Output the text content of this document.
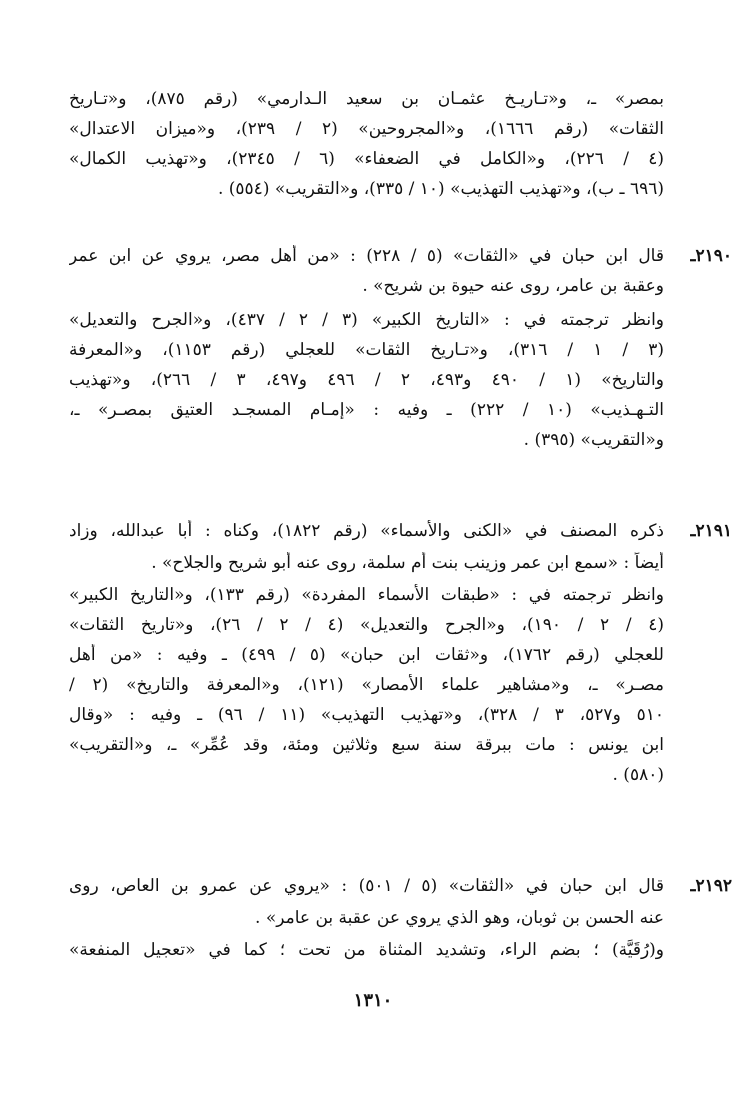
بمصر» ـ، و«تـاريـخ عثمـان بن سعيد الـدارمي» (رقم ٨٧٥)، و«تـاريخ
الثقات» (رقم ١٦٦٦)، و«المجروحين» (٢ / ٢٣٩)، و«ميزان الاعتدال»
(٤ / ٢٢٦)، و«الكامل في الضعفاء» (٦ / ٢٣٤٥)، و«تهذيب الكمال»
(٦٩٦ ـ ب)، و«تهذيب التهذيب» (١٠ / ٣٣٥)، و«التقريب» (٥٥٤) .
٢١٩٠ـ
قال ابن حبان في «الثقات» (٥ / ٢٢٨) : «من أهل مصر، يروي عن ابن عمر
وعقبة بن عامر، روى عنه حيوة بن شريح» .
وانظر ترجمته في : «التاريخ الكبير» (٣ / ٢ / ٤٣٧)، و«الجرح والتعديل»
(٣ / ١ / ٣١٦)، و«تـاريخ الثقات» للعجلي (رقم ١١٥٣)، و«المعرفة
والتاريخ» (١ / ٤٩٠ و٤٩٣، ٢ / ٤٩٦ و٤٩٧، ٣ / ٢٦٦)، و«تهذيب
التـهـذيب» (١٠ / ٢٢٢) ـ وفيه : «إمـام المسجـد العتيق بمصـر» ـ،
و«التقريب» (٣٩٥) .
٢١٩١ـ
ذكره المصنف في «الكنى والأسماء» (رقم ١٨٢٢)، وكناه : أبا عبدالله، وزاد
أيضاً : «سمع ابن عمر وزينب بنت أم سلمة، روى عنه أبو شريح والجلاح» .
وانظر ترجمته في : «طبقات الأسماء المفردة» (رقم ١٣٣)، و«التاريخ الكبير»
(٤ / ٢ / ١٩٠)، و«الجرح والتعديل» (٤ / ٢ / ٢٦)، و«تاريخ الثقات»
للعجلي (رقم ١٧٦٢)، و«ثقات ابن حبان» (٥ / ٤٩٩) ـ وفيه : «من أهل
مصـر» ـ، و«مشاهير علماء الأمصار» (١٢١)، و«المعرفة والتاريخ» (٢ /
٥١٠ و٥٢٧، ٣ / ٣٢٨)، و«تهذيب التهذيب» (١١ / ٩٦) ـ وفيه : «وقال
ابن يونس : مات ببرقة سنة سبع وثلاثين ومئة، وقد عُمِّر» ـ، و«التقريب»
(٥٨٠) .
٢١٩٢ـ
قال ابن حبان في «الثقات» (٥ / ٥٠١) : «يروي عن عمرو بن العاص، روى
عنه الحسن بن ثوبان، وهو الذي يروي عن عقبة بن عامر» .
و(رُقَيَّة) ؛ بضم الراء، وتشديد المثناة من تحت ؛ كما في «تعجيل المنفعة»
١٣١٠
